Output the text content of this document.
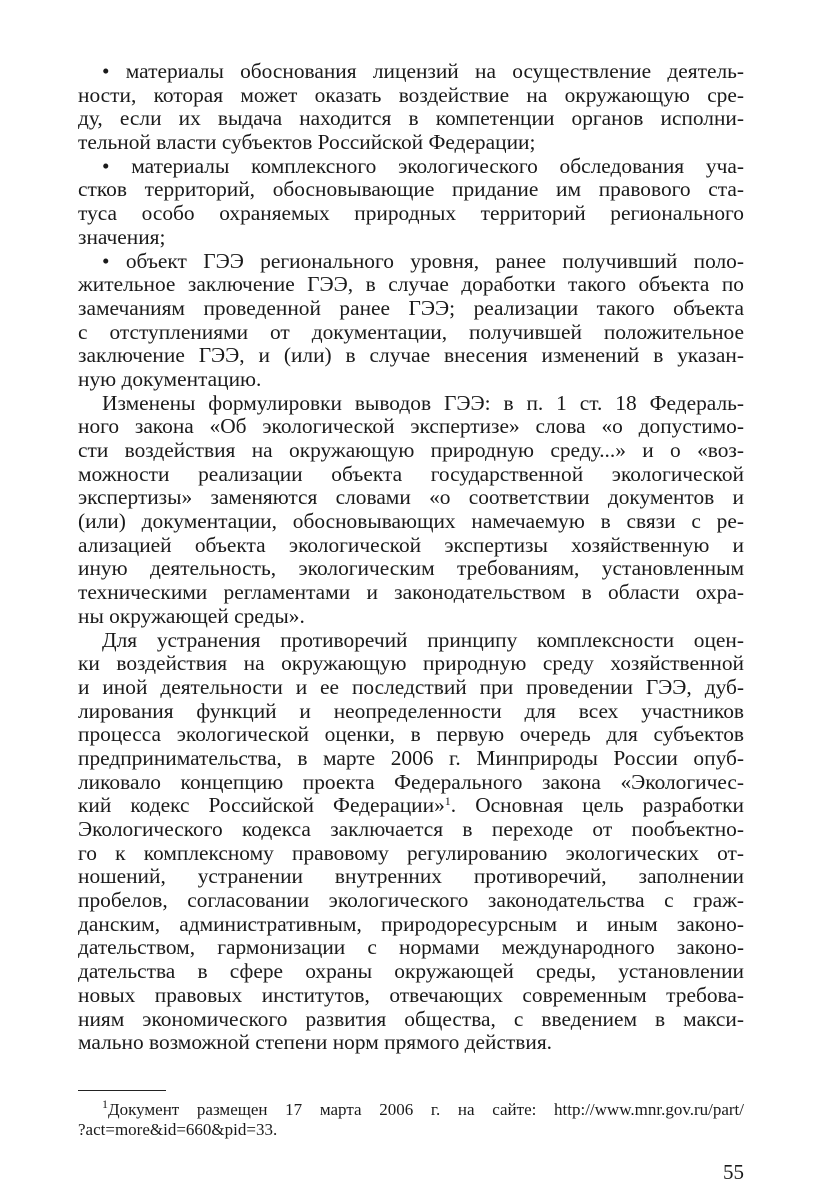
• материалы обоснования лицензий на осуществление деятель-
ности, которая может оказать воздействие на окружающую сре-
ду, если их выдача находится в компетенции органов исполни-
тельной власти субъектов Российской Федерации;
• материалы комплексного экологического обследования уча-
стков территорий, обосновывающие придание им правового ста-
туса особо охраняемых природных территорий регионального
значения;
• объект ГЭЭ регионального уровня, ранее получивший поло-
жительное заключение ГЭЭ, в случае доработки такого объекта по
замечаниям проведенной ранее ГЭЭ; реализации такого объекта
с отступлениями от документации, получившей положительное
заключение ГЭЭ, и (или) в случае внесения изменений в указан-
ную документацию.
Изменены формулировки выводов ГЭЭ: в п. 1 ст. 18 Федераль-
ного закона «Об экологической экспертизе» слова «о допустимо-
сти воздействия на окружающую природную среду...» и о «воз-
можности реализации объекта государственной экологической
экспертизы» заменяются словами «о соответствии документов и
(или) документации, обосновывающих намечаемую в связи с ре-
ализацией объекта экологической экспертизы хозяйственную и
иную деятельность, экологическим требованиям, установленным
техническими регламентами и законодательством в области охра-
ны окружающей среды».
Для устранения противоречий принципу комплексности оцен-
ки воздействия на окружающую природную среду хозяйственной
и иной деятельности и ее последствий при проведении ГЭЭ, дуб-
лирования функций и неопределенности для всех участников
процесса экологической оценки, в первую очередь для субъектов
предпринимательства, в марте 2006 г. Минприроды России опуб-
ликовало концепцию проекта Федерального закона «Экологичес-
кий кодекс Российской Федерации»$^1$. Основная цель разработки
Экологического кодекса заключается в переходе от пообъектно-
го к комплексному правовому регулированию экологических от-
ношений, устранении внутренних противоречий, заполнении
пробелов, согласовании экологического законодательства с граж-
данским, административным, природоресурсным и иным законо-
дательством, гармонизации с нормами международного законо-
дательства в сфере охраны окружающей среды, установлении
новых правовых институтов, отвечающих современным требова-
ниям экономического развития общества, с введением в макси-
мально возможной степени норм прямого действия.
$^1$Документ размещен 17 марта 2006 г. на сайте: http://www.mnr.gov.ru/part/
?act=more&id=660&pid=33.
55
